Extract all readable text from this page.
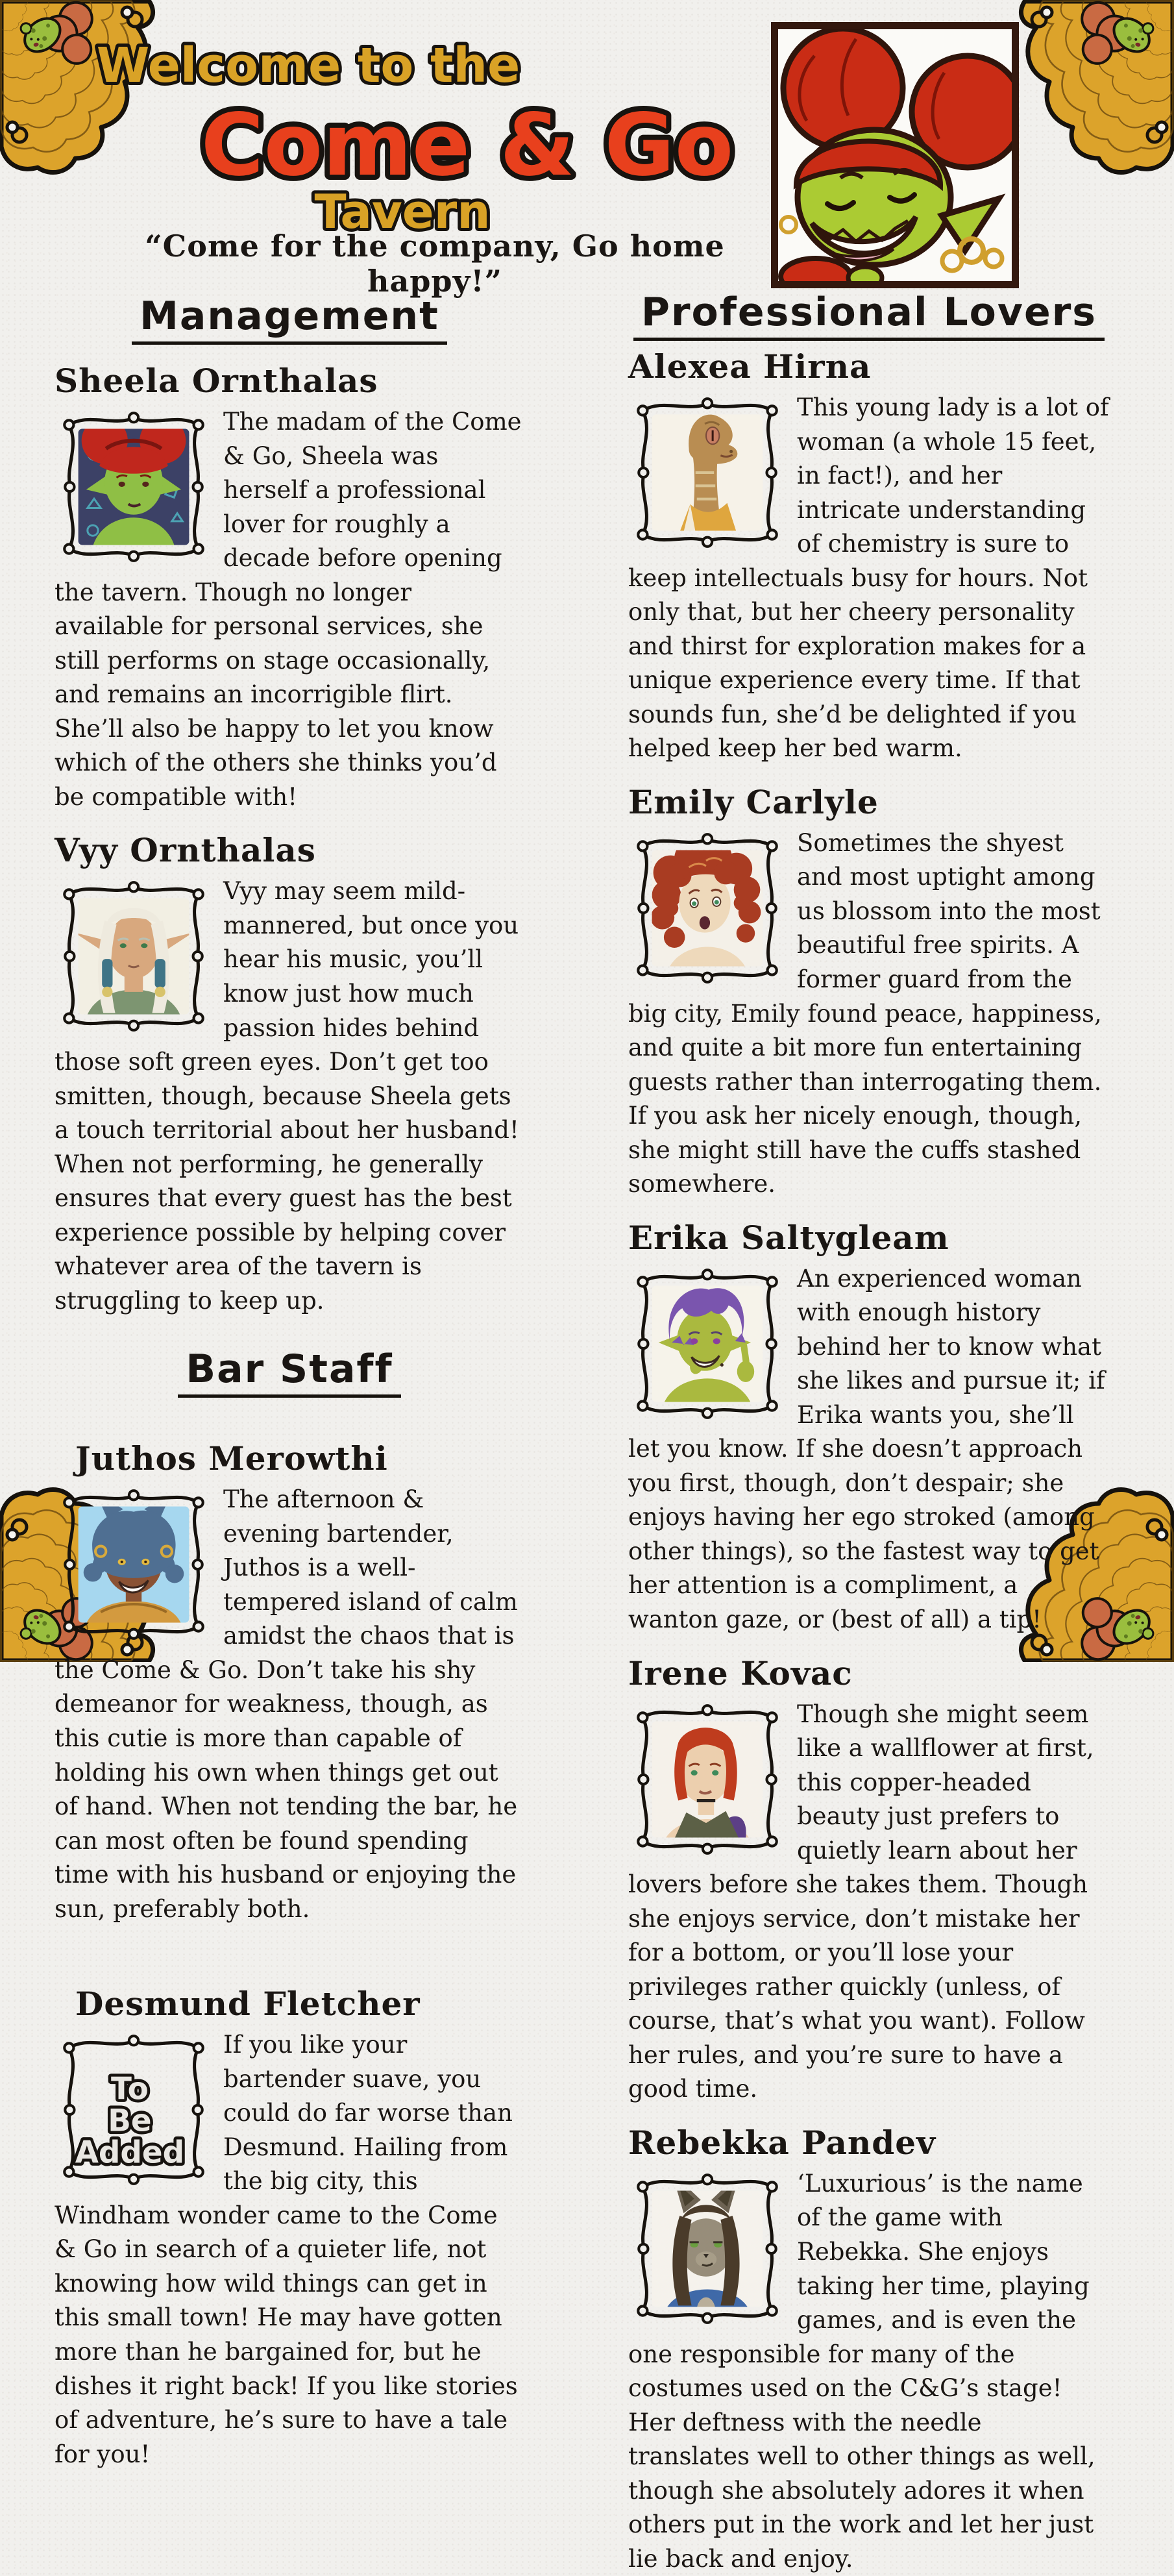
Welcome to the
Come & Go
Tavern
“Come for the company, Go home happy!”
Management
Sheela Ornthalas

The madam of the Come & Go, Sheela was herself a professional lover for roughly a decade before opening the tavern. Though no longer available for personal services, she still performs on stage occasionally, and remains an incorrigible flirt. She’ll also be happy to let you know which of the others she thinks you’d be compatible with!

Vyy Ornthalas

Vyy may seem mild-mannered, but once you hear his music, you’ll know just how much passion hides behind those soft green eyes. Don’t get too smitten, though, because Sheela gets a touch territorial about her husband! When not performing, he generally ensures that every guest has the best experience possible by helping cover whatever area of the tavern is struggling to keep up.

Bar Staff
Juthos Merowthi

The afternoon & evening bartender, Juthos is a well-tempered island of calm amidst the chaos that is the Come & Go. Don’t take his shy demeanor for weakness, though, as this cutie is more than capable of holding his own when things get out of hand. When not tending the bar, he can most often be found spending time with his husband or enjoying the sun, preferably both.

Desmund Fletcher
To
Be
Added

If you like your bartender suave, you could do far worse than Desmund. Hailing from the big city, this Windham wonder came to the Come & Go in search of a quieter life, not knowing how wild things can get in this small town! He may have gotten more than he bargained for, but he dishes it right back! If you like stories of adventure, he’s sure to have a tale for you!

Professional Lovers
Alexea Hirna

This young lady is a lot of woman (a whole 15 feet, in fact!), and her intricate understanding of chemistry is sure to keep intellectuals busy for hours. Not only that, but her cheery personality and thirst for exploration makes for a unique experience every time. If that sounds fun, she’d be delighted if you helped keep her bed warm.

Emily Carlyle

Sometimes the shyest and most uptight among us blossom into the most beautiful free spirits. A former guard from the big city, Emily found peace, happiness, and quite a bit more fun entertaining guests rather than interrogating them. If you ask her nicely enough, though, she might still have the cuffs stashed somewhere.

Erika Saltygleam

An experienced woman with enough history behind her to know what she likes and pursue it; if Erika wants you, she’ll let you know. If she doesn’t approach you first, though, don’t despair; she enjoys having her ego stroked (among other things), so the fastest way to get her attention is a compliment, a wanton gaze, or (best of all) a tip!

Irene Kovac

Though she might seem like a wallflower at first, this copper-headed beauty just prefers to quietly learn about her lovers before she takes them. Though she enjoys service, don’t mistake her for a bottom, or you’ll lose your privileges rather quickly (unless, of course, that’s what you want). Follow her rules, and you’re sure to have a good time.

Rebekka Pandev

‘Luxurious’ is the name of the game with Rebekka. She enjoys taking her time, playing games, and is even the one responsible for many of the costumes used on the C&G’s stage! Her deftness with the needle translates well to other things as well, though she absolutely adores it when others put in the work and let her just lie back and enjoy.
